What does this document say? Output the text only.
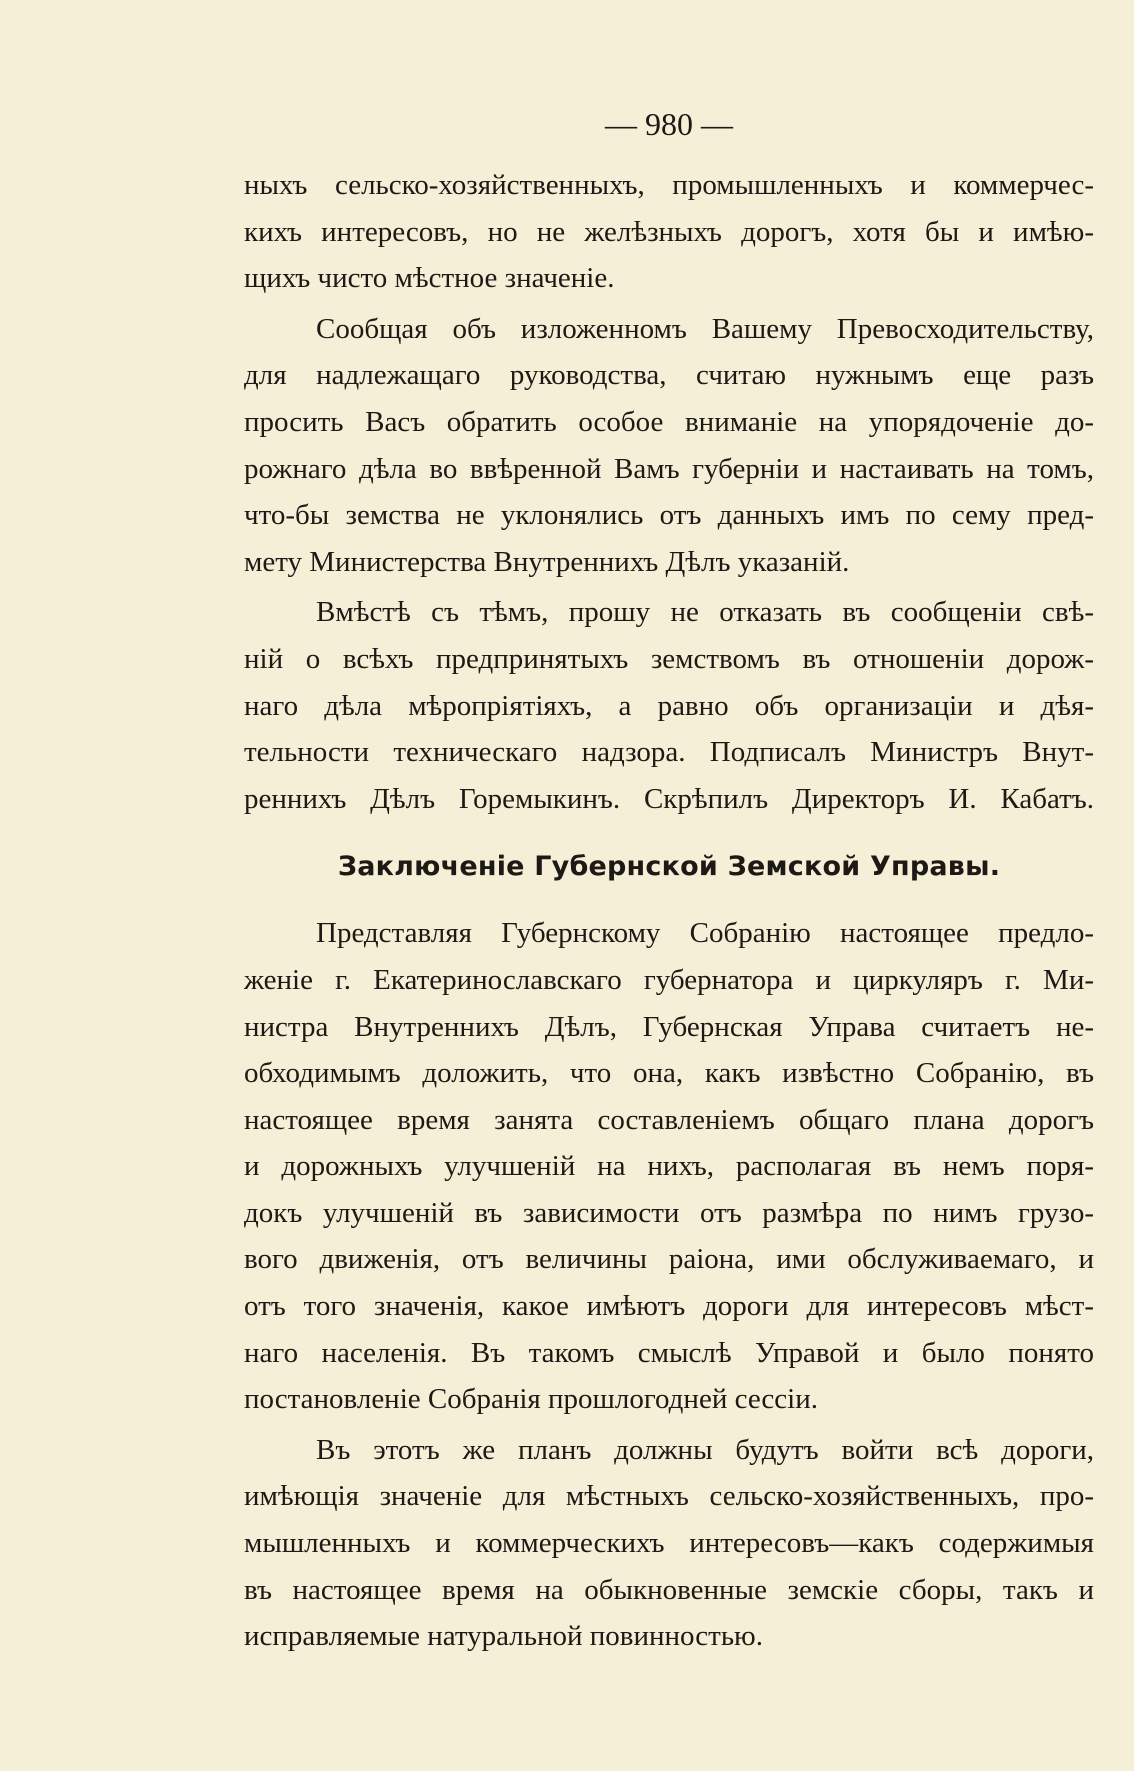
— 980 —
ныхъ сельско-хозяйственныхъ, промышленныхъ и коммерчес-
кихъ интересовъ, но не желѣзныхъ дорогъ, хотя бы и имѣю-
щихъ чисто мѣстное значеніе.
Сообщая объ изложенномъ Вашему Превосходительству,
для надлежащаго руководства, считаю нужнымъ еще разъ
просить Васъ обратить особое вниманіе на упорядоченіе до-
рожнаго дѣла во ввѣренной Вамъ губерніи и настаивать на томъ,
что-бы земства не уклонялись отъ данныхъ имъ по сему пред-
мету Министерства Внутреннихъ Дѣлъ указаній.
Вмѣстѣ съ тѣмъ, прошу не отказать въ сообщеніи свѣ-
ній о всѣхъ предпринятыхъ земствомъ въ отношеніи дорож-
наго дѣла мѣропріятіяхъ, а равно объ организаціи и дѣя-
тельности техническаго надзора. Подписалъ Министръ Внут-
реннихъ Дѣлъ Горемыкинъ. Скрѣпилъ Директоръ И. Кабатъ.
Заключеніе Губернской Земской Управы.
Представляя Губернскому Собранію настоящее предло-
женіе г. Екатеринославскаго губернатора и циркуляръ г. Ми-
нистра Внутреннихъ Дѣлъ, Губернская Управа считаетъ не-
обходимымъ доложить, что она, какъ извѣстно Собранію, въ
настоящее время занята составленіемъ общаго плана дорогъ
и дорожныхъ улучшеній на нихъ, располагая въ немъ поря-
докъ улучшеній въ зависимости отъ размѣра по нимъ грузо-
вого движенія, отъ величины раіона, ими обслуживаемаго, и
отъ того значенія, какое имѣютъ дороги для интересовъ мѣст-
наго населенія. Въ такомъ смыслѣ Управой и было понято
постановленіе Собранія прошлогодней сессіи.
Въ этотъ же планъ должны будутъ войти всѣ дороги,
имѣющія значеніе для мѣстныхъ сельско-хозяйственныхъ, про-
мышленныхъ и коммерческихъ интересовъ—какъ содержимыя
въ настоящее время на обыкновенные земскіе сборы, такъ и
исправляемые натуральной повинностью.
